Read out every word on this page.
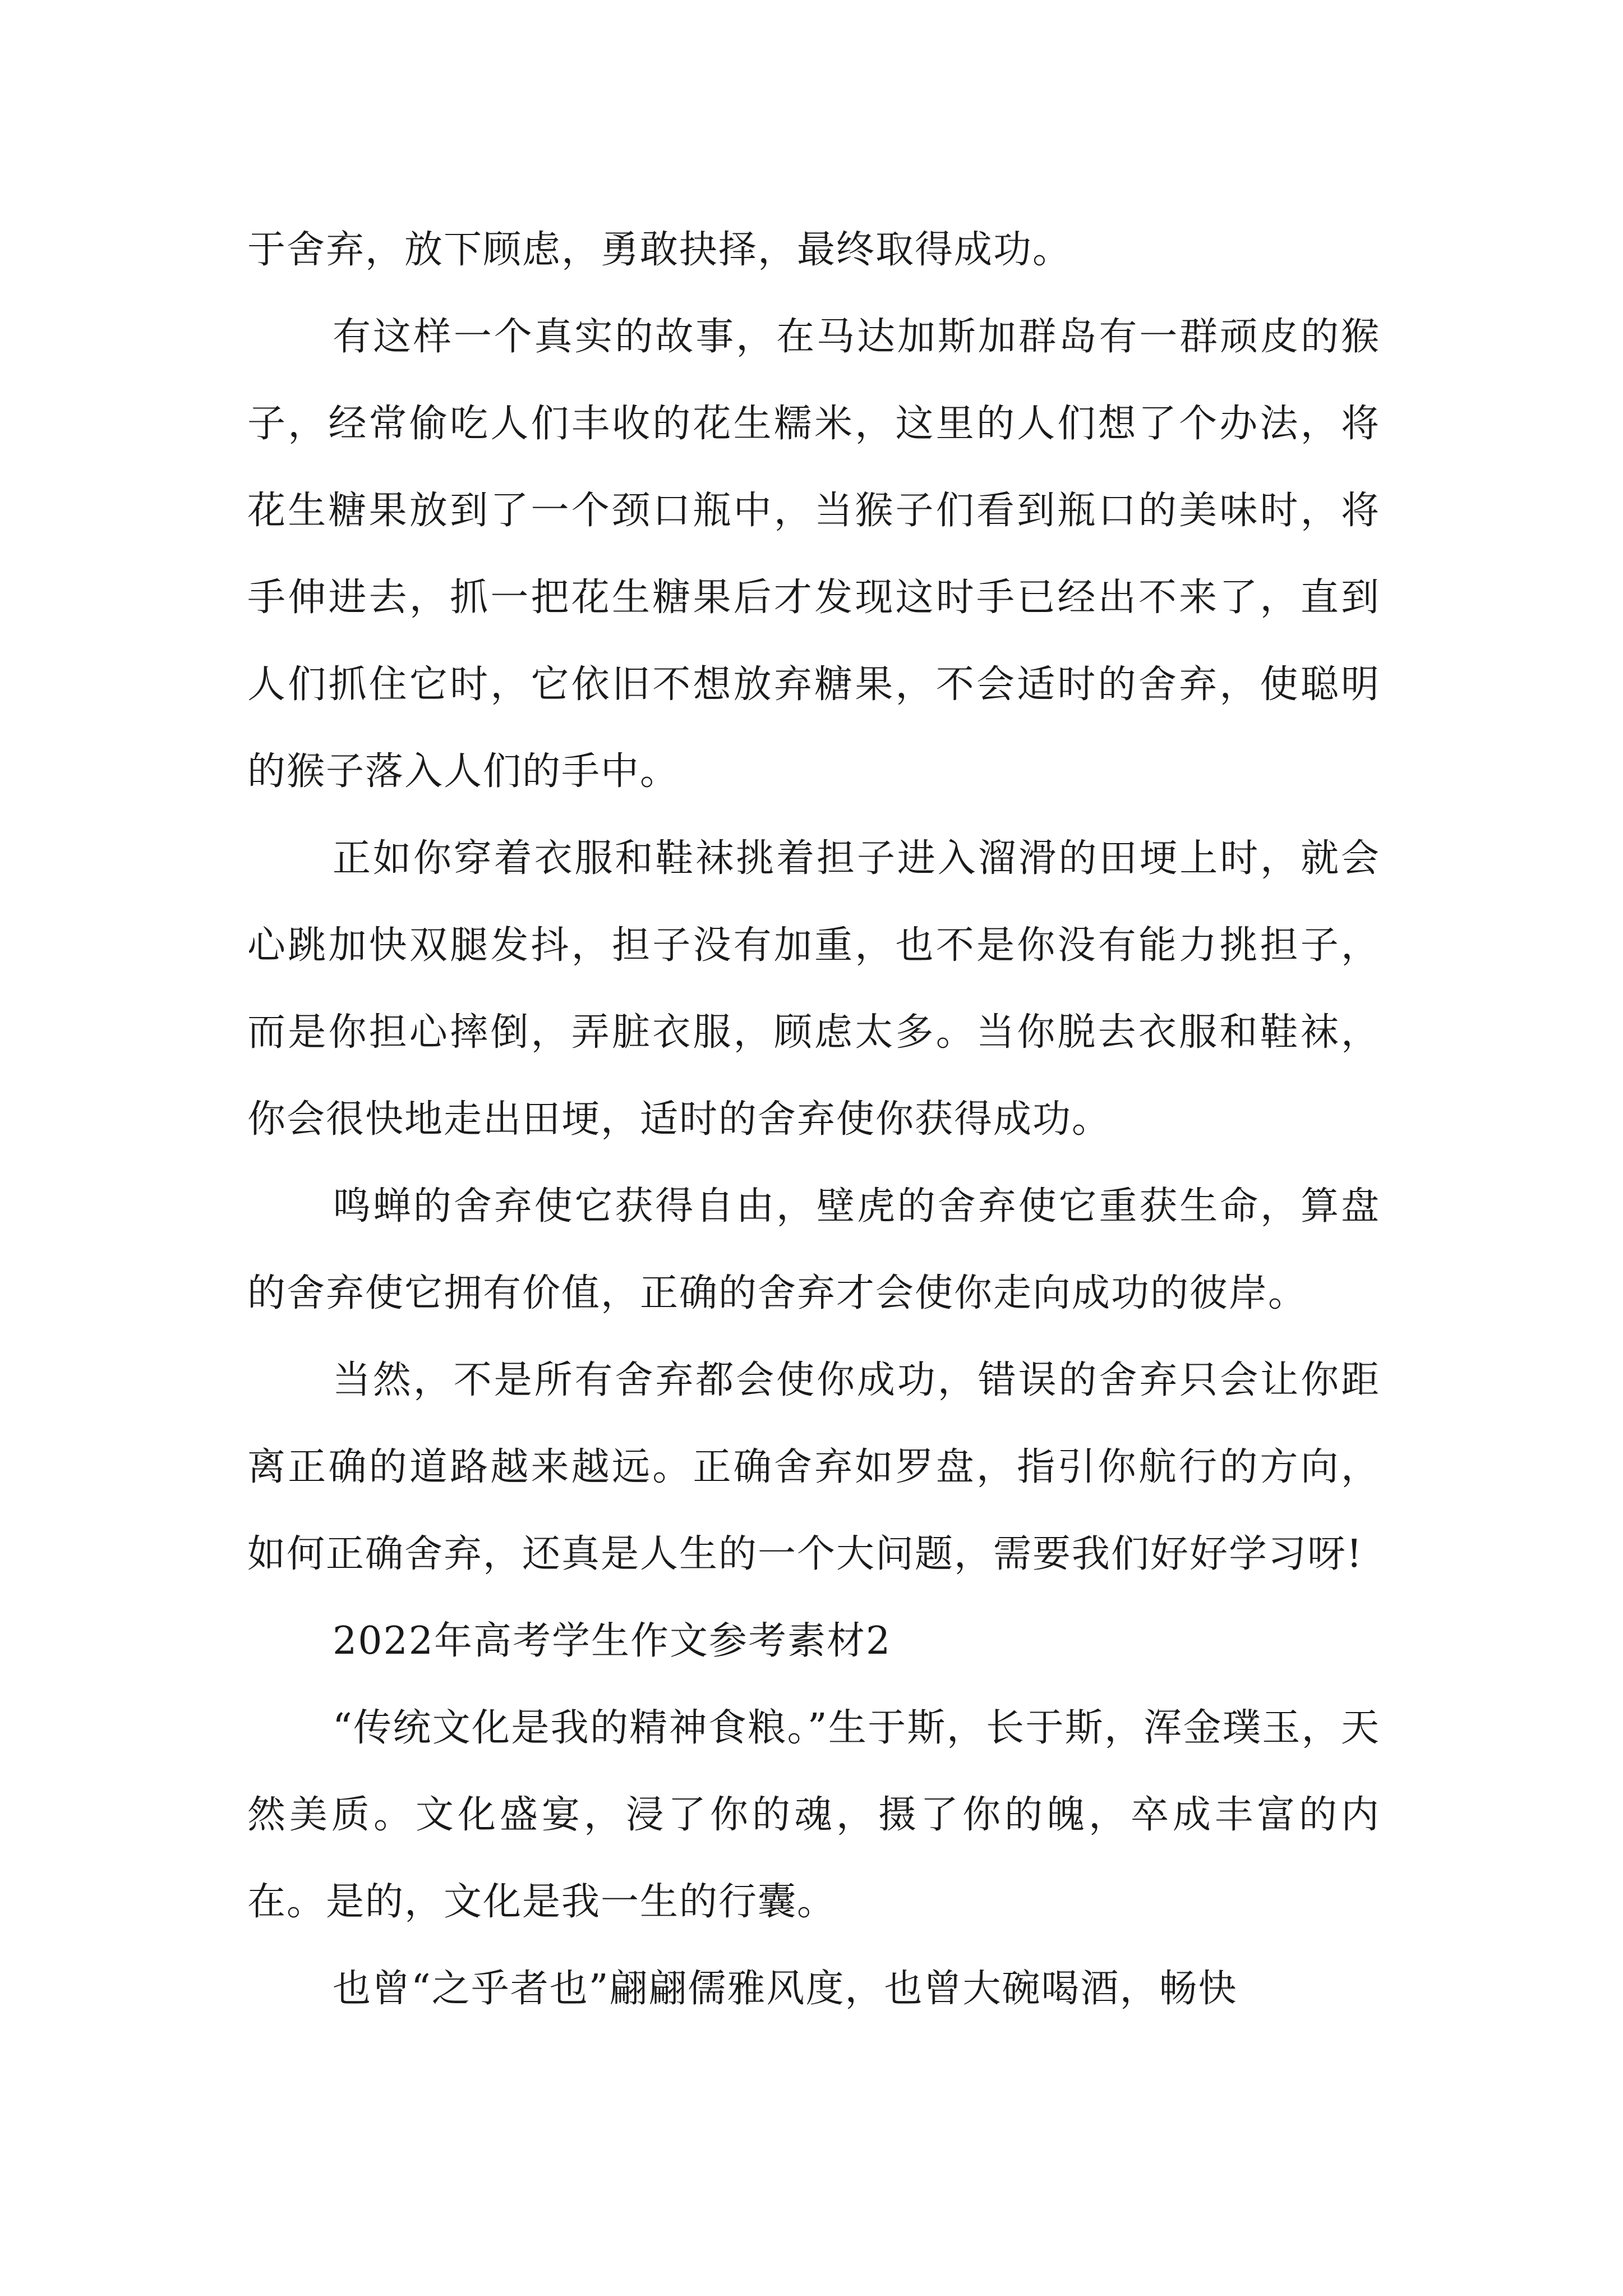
于舍弃，放下顾虑，勇敢抉择，最终取得成功。

有这样一个真实的故事，在马达加斯加群岛有一群顽皮的猴子，经常偷吃人们丰收的花生糯米，这里的人们想了个办法，将花生糖果放到了一个颈口瓶中，当猴子们看到瓶口的美味时，将手伸进去，抓一把花生糖果后才发现这时手已经出不来了，直到人们抓住它时，它依旧不想放弃糖果，不会适时的舍弃，使聪明的猴子落入人们的手中。

正如你穿着衣服和鞋袜挑着担子进入溜滑的田埂上时，就会心跳加快双腿发抖，担子没有加重，也不是你没有能力挑担子，而是你担心摔倒，弄脏衣服，顾虑太多。当你脱去衣服和鞋袜，你会很快地走出田埂，适时的舍弃使你获得成功。

鸣蝉的舍弃使它获得自由，壁虎的舍弃使它重获生命，算盘的舍弃使它拥有价值，正确的舍弃才会使你走向成功的彼岸。

当然，不是所有舍弃都会使你成功，错误的舍弃只会让你距离正确的道路越来越远。正确舍弃如罗盘，指引你航行的方向，如何正确舍弃，还真是人生的一个大问题，需要我们好好学习呀!

2022年高考学生作文参考素材2

“传统文化是我的精神食粮。”生于斯，长于斯，浑金璞玉，天然美质。文化盛宴，浸了你的魂，摄了你的魄，卒成丰富的内在。是的，文化是我一生的行囊。

也曾“之乎者也”翩翩儒雅风度，也曾大碗喝酒，畅快
